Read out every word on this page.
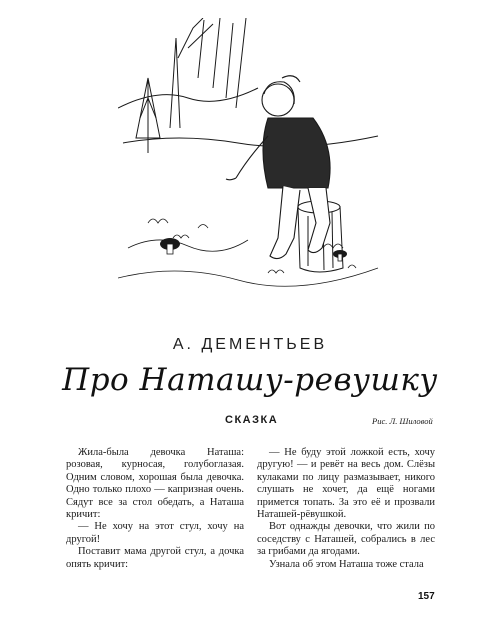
А. ДЕМЕНТЬЕВ
Про Наташу-ревушку
СКАЗКА	Рис. Л. Шиловой

Жила-была девочка Наташа: розовая, курносая, голубоглазая. Одним словом, хорошая была девочка. Одно только плохо — капризная очень. Сядут все за стол обедать, а Наташа кричит:

— Не хочу на этот стул, хочу на другой!

Поставит мама другой стул, а дочка опять кричит:

— Не буду этой ложкой есть, хочу другую! — и ревёт на весь дом. Слёзы кулаками по лицу размазывает, никого слушать не хочет, да ещё ногами примется топать. За это её и прозвали Наташей-рёвушкой.

Вот однажды девочки, что жили по соседству с Наташей, собрались в лес за грибами да ягодами.

Узнала об этом Наташа тоже стала

157
